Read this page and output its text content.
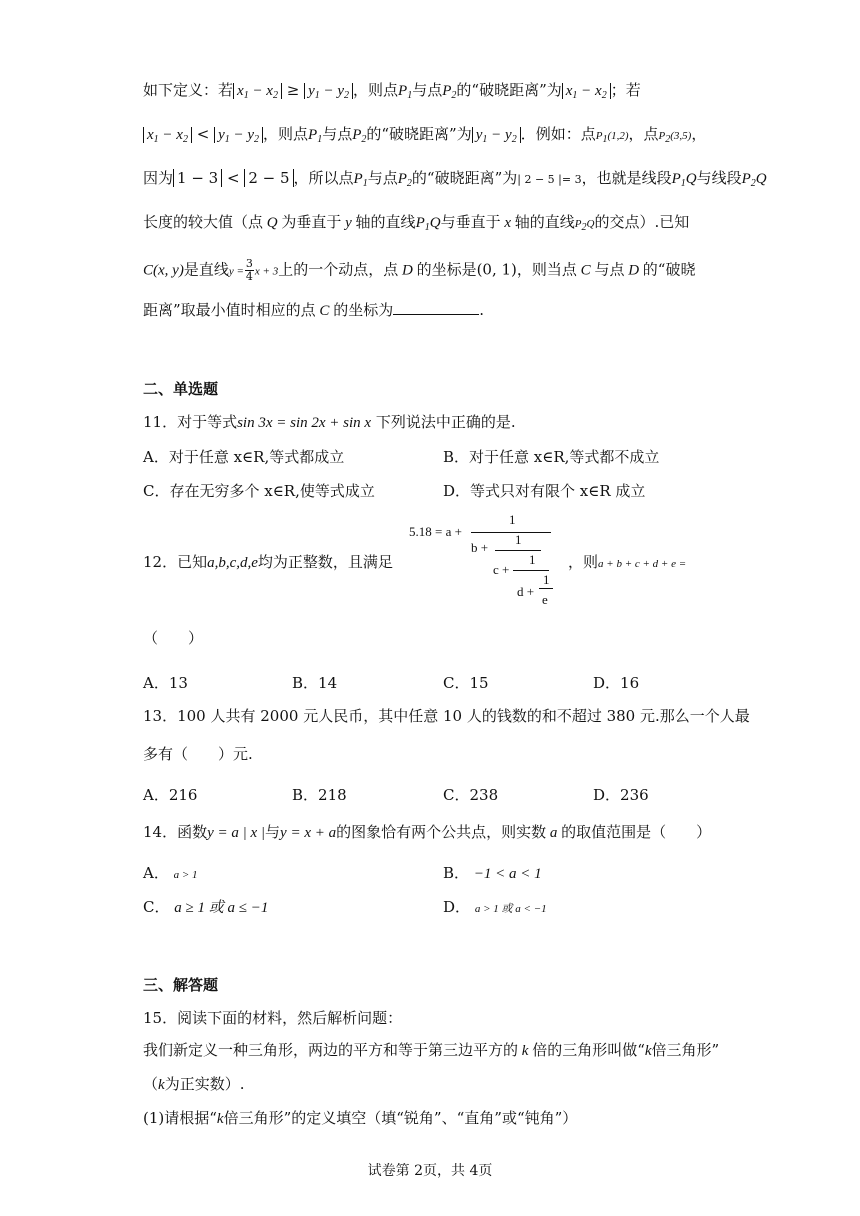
如下定义：若 $x_1 - x_2 \ge y_1 - y_2$ ，则点$P_1$与点$P_2$的“破晓距离”为 $x_1 - x_2$ ；若
$x_1 - x_2 < y_1 - y_2$ ，则点$P_1$与点$P_2$的“破晓距离”为 $y_1 - y_2$ ．例如：点P1(1,2)，点P2(3,5)，
因为 1 − 3 < 2 − 5 ，所以点$P_1$与点$P_2$的“破晓距离”为| 2 − 5 |= 3，也就是线段$P_1Q$与线段$P_2Q$
长度的较大值（点 Q 为垂直于 y 轴的直线$P_1Q$与垂直于 x 轴的直线P2Q的交点）.已知
C(x, y)是直线$y = \frac{3}{4}$ x + 3上的一个动点，点 D 的坐标是(0, 1)，则当点 C 与点 D 的“破晓
距离”取最小值时相应的点 C 的坐标为	.
二、单选题
11．对于等式sin 3x = sin 2x + sin x 下列说法中正确的是.
A．对于任意 x∈R,等式都成立	B．对于任意 x∈R,等式都不成立
C．存在无穷多个 x∈R,使等式成立	D．等式只对有限个 x∈R 成立
12．已知a,b,c,d,e均为正整数，且满足
5.18 = a +
1
b +
1
c +
1
d +
1
e
，则a + b + c + d + e =
（　　）
A．13	B．14	C．15	D．16
13．100 人共有 2000 元人民币，其中任意 10 人的钱数的和不超过 380 元.那么一个人最
多有（　　）元.
A．216	B．218	C．238	D．236
14．函数y = a | x |与y = x + a的图象恰有两个公共点，则实数 a 的取值范围是（　　）
A． a > 1	B． −1 < a < 1
C． a ≥ 1 或 a ≤ −1	D． a > 1 或 a < −1
三、解答题
15．阅读下面的材料，然后解析问题：
我们新定义一种三角形，两边的平方和等于第三边平方的 k 倍的三角形叫做“k倍三角形”
（k为正实数）.
(1)请根据“k倍三角形”的定义填空（填“锐角”、“直角”或“钝角”）
试卷第 2页，共 4页
